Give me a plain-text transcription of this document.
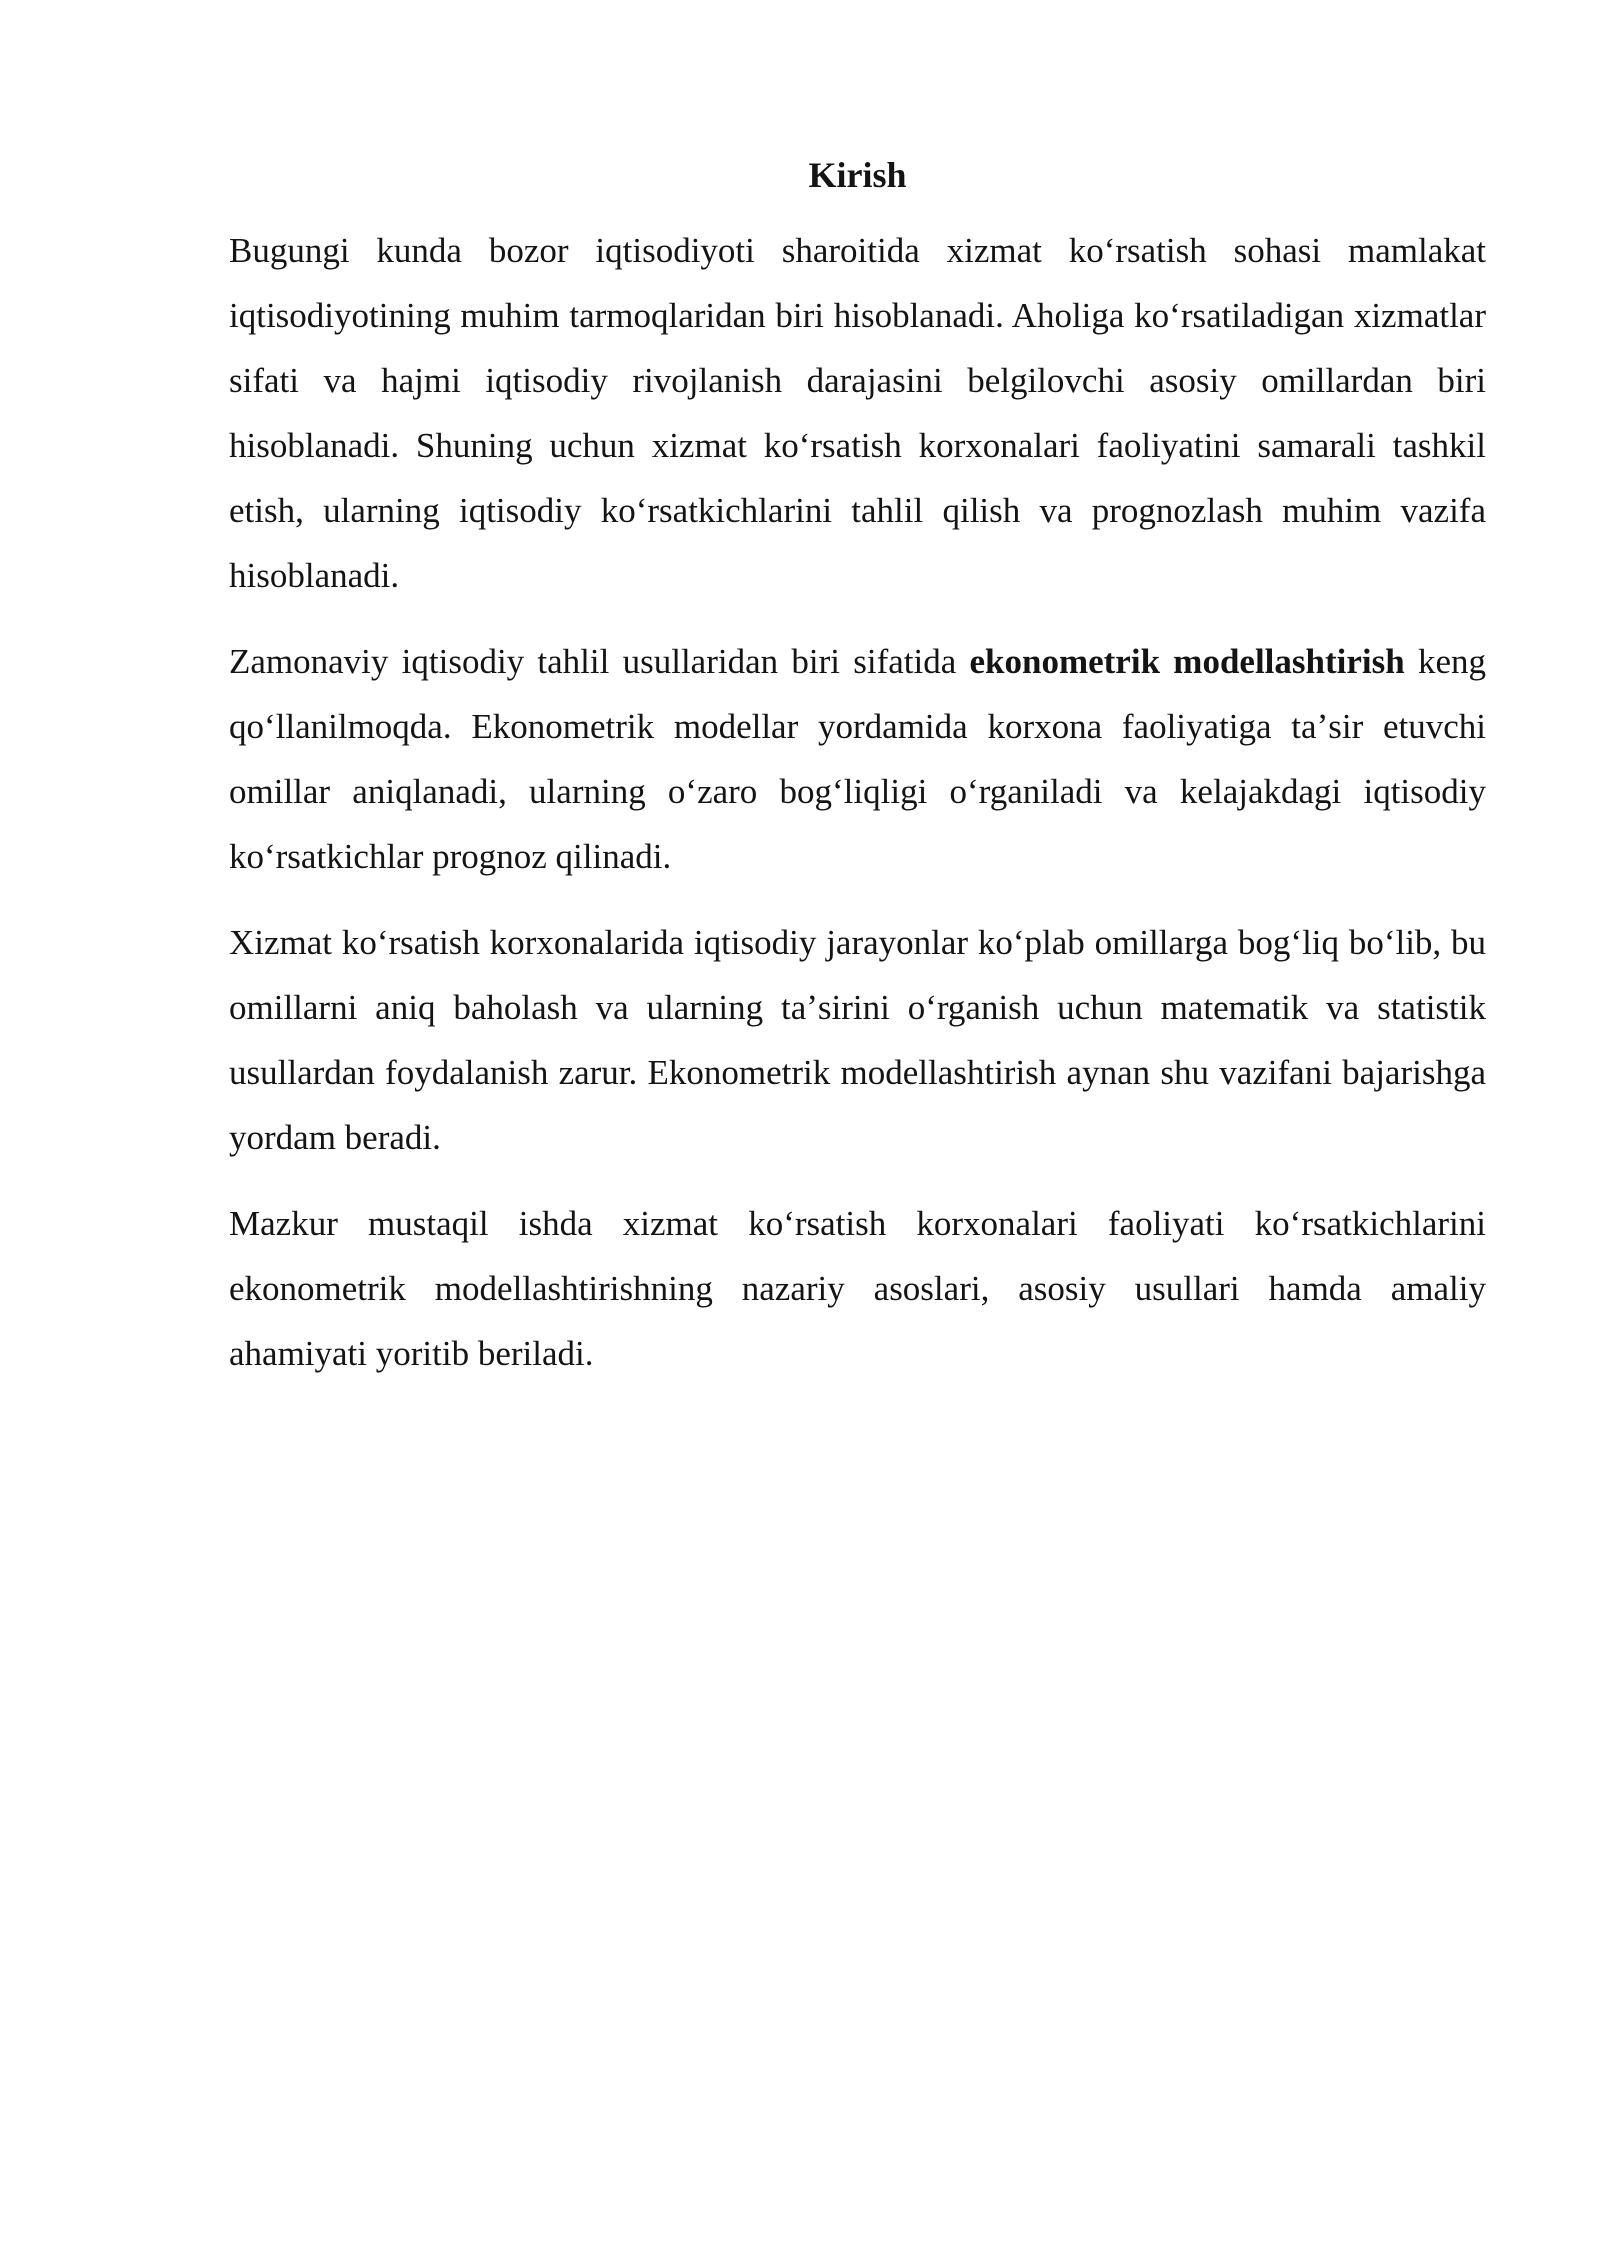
Kirish

Bugungi kunda bozor iqtisodiyoti sharoitida xizmat koʻrsatish sohasi mamlakat iqtisodiyotining muhim tarmoqlaridan biri hisoblanadi. Aholiga koʻrsatiladigan xizmatlar sifati va hajmi iqtisodiy rivojlanish darajasini belgilovchi asosiy omillardan biri hisoblanadi. Shuning uchun xizmat koʻrsatish korxonalari faoliyatini samarali tashkil etish, ularning iqtisodiy koʻrsatkichlarini tahlil qilish va prognozlash muhim vazifa hisoblanadi.

Zamonaviy iqtisodiy tahlil usullaridan biri sifatida ekonometrik modellashtirish keng qoʻllanilmoqda. Ekonometrik modellar yordamida korxona faoliyatiga taʼsir etuvchi omillar aniqlanadi, ularning oʻzaro bogʻliqligi oʻrganiladi va kelajakdagi iqtisodiy koʻrsatkichlar prognoz qilinadi.

Xizmat koʻrsatish korxonalarida iqtisodiy jarayonlar koʻplab omillarga bogʻliq boʻlib, bu omillarni aniq baholash va ularning taʼsirini oʻrganish uchun matematik va statistik usullardan foydalanish zarur. Ekonometrik modellashtirish aynan shu vazifani bajarishga yordam beradi.

Mazkur mustaqil ishda xizmat koʻrsatish korxonalari faoliyati koʻrsatkichlarini ekonometrik modellashtirishning nazariy asoslari, asosiy usullari hamda amaliy ahamiyati yoritib beriladi.
